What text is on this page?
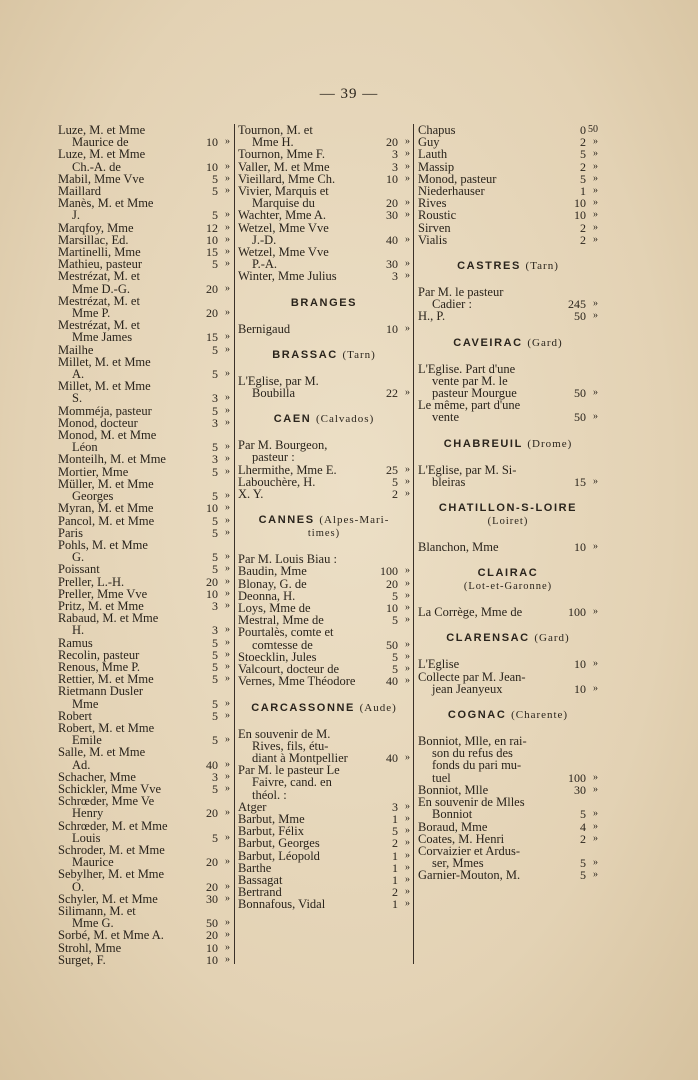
— 39 —
Luze, M. et Mme
Maurice de	10 »
Luze, M. et Mme
Ch.-A. de	10 »
Mabil, Mme Vve	5 »
Maillard	5 »
Manès, M. et Mme
J.	5 »
Marqfoy, Mme	12 »
Marsillac, Ed.	10 »
Martinelli, Mme	15 »
Mathieu, pasteur	5 »
Mestrézat, M. et
Mme D.-G.	20 »
Mestrézat, M. et
Mme P.	20 »
Mestrézat, M. et
Mme James	15 »
Mailhe	5 »
Millet, M. et Mme
A.	5 »
Millet, M. et Mme
S.	3 »
Momméja, pasteur	5 »
Monod, docteur	3 »
Monod, M. et Mme
Léon	5 »
Monteilh, M. et Mme	3 »
Mortier, Mme	5 »
Müller, M. et Mme
Georges	5 »
Myran, M. et Mme	10 »
Pancol, M. et Mme	5 »
Paris	5 »
Pohls, M. et Mme
G.	5 »
Poissant	5 »
Preller, L.-H.	20 »
Preller, Mme Vve	10 »
Pritz, M. et Mme	3 »
Rabaud, M. et Mme
H.	3 »
Ramus	5 »
Recolin, pasteur	5 »
Renous, Mme P.	5 »
Rettier, M. et Mme	5 »
Rietmann Dusler
Mme	5 »
Robert	5 »
Robert, M. et Mme
Emile	5 »
Salle, M. et Mme
Ad.	40 »
Schacher, Mme	3 »
Schickler, Mme Vve	5 »
Schrœder, Mme Ve
Henry	20 »
Schrœder, M. et Mme
Louis	5 »
Schroder, M. et Mme
Maurice	20 »
Sebylher, M. et Mme
O.	20 »
Schyler, M. et Mme	30 »
Silimann, M. et
Mme G.	50 »
Sorbé, M. et Mme A.	20 »
Strohl, Mme	10 »
Surget, F.	10 »
Tournon, M. et
Mme H.	20 »
Tournon, Mme F.	3 »
Valler, M. et Mme	3 »
Vieillard, Mme Ch.	10 »
Vivier, Marquis et
Marquise du	20 »
Wachter, Mme A.	30 »
Wetzel, Mme Vve
J.-D.	40 »
Wetzel, Mme Vve
P.-A.	30 »
Winter, Mme Julius	3 »
BRANGES
Bernigaud	10 »
BRASSAC (Tarn)
L'Eglise, par M.
Boubilla	22 »
CAEN (Calvados)
Par M. Bourgeon,
pasteur :
Lhermithe, Mme E.	25 »
Labouchère, H.	5 »
X. Y.	2 »
CANNES (Alpes-Mari-
times)
Par M. Louis Biau :
Baudin, Mme	100 »
Blonay, G. de	20 »
Deonna, H.	5 »
Loys, Mme de	10 »
Mestral, Mme de	5 »
Pourtalès, comte et
comtesse de	50 »
Stoecklin, Jules	5 »
Valcourt, docteur de	5 »
Vernes, Mme Théodore	40 »
CARCASSONNE (Aude)
En souvenir de M.
Rives, fils, étu-
diant à Montpellier	40 »
Par M. le pasteur Le
Faivre, cand. en
théol. :
Atger	3 »
Barbut, Mme	1 »
Barbut, Félix	5 »
Barbut, Georges	2 »
Barbut, Léopold	1 »
Barthe	1 »
Bassagat	1 »
Bertrand	2 »
Bonnafous, Vidal	1 »
Chapus	0 50
Guy	2 »
Lauth	5 »
Massip	2 »
Monod, pasteur	5 »
Niederhauser	1 »
Rives	10 »
Roustic	10 »
Sirven	2 »
Vialis	2 »
CASTRES (Tarn)
Par M. le pasteur
Cadier :	245 »
H., P.	50 »
CAVEIRAC (Gard)
L'Eglise. Part d'une
vente par M. le
pasteur Mourgue	50 »
Le même, part d'une
vente	50 »
CHABREUIL (Drome)
L'Eglise, par M. Si-
bleiras	15 »
CHATILLON-S-LOIRE
(Loiret)
Blanchon, Mme	10 »
CLAIRAC
(Lot-et-Garonne)
La Corrège, Mme de	100 »
CLARENSAC (Gard)
L'Eglise	10 »
Collecte par M. Jean-
jean Jeanyeux	10 »
COGNAC (Charente)
Bonniot, Mlle, en rai-
son du refus des
fonds du pari mu-
tuel	100 »
Bonniot, Mlle	30 »
En souvenir de Mlles
Bonniot	5 »
Boraud, Mme	4 »
Coates, M. Henri	2 »
Corvaizier et Ardus-
ser, Mmes	5 »
Garnier-Mouton, M.	5 »
